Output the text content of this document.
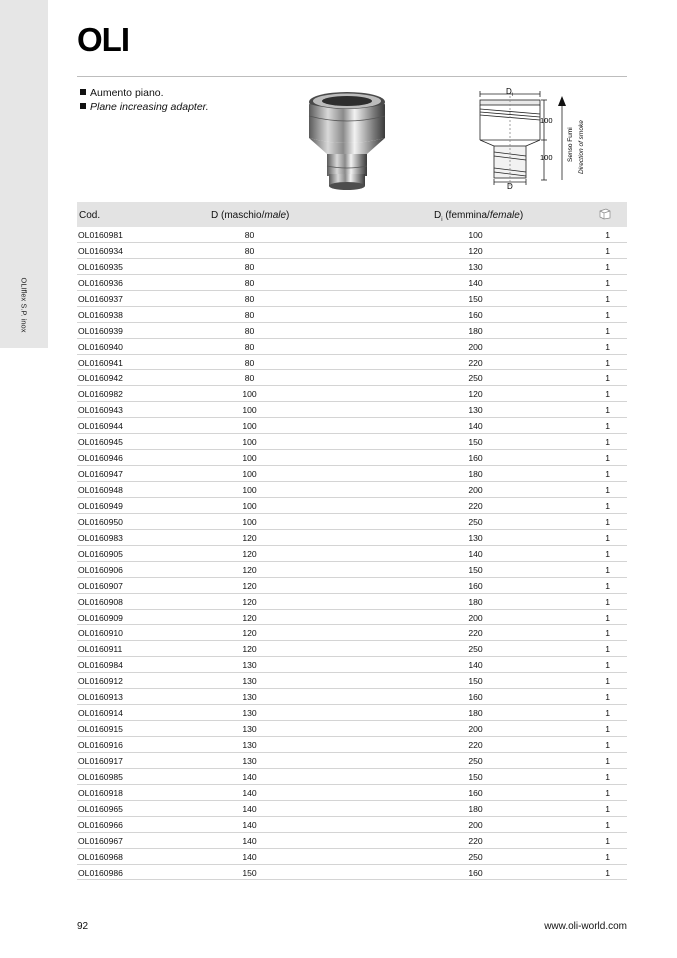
OLIflex S.P. inox
OLI
Aumento piano.
Plane increasing adapter.
D i
D
100
100 Senso Fumi Direction of smoke
Cod.	D (maschio/male)	$D_i$ (femmina/female)
OL0160981	80	100	1
OL0160934	80	120	1
OL0160935	80	130	1
OL0160936	80	140	1
OL0160937	80	150	1
OL0160938	80	160	1
OL0160939	80	180	1
OL0160940	80	200	1
OL0160941	80	220	1
OL0160942	80	250	1
OL0160982	100	120	1
OL0160943	100	130	1
OL0160944	100	140	1
OL0160945	100	150	1
OL0160946	100	160	1
OL0160947	100	180	1
OL0160948	100	200	1
OL0160949	100	220	1
OL0160950	100	250	1
OL0160983	120	130	1
OL0160905	120	140	1
OL0160906	120	150	1
OL0160907	120	160	1
OL0160908	120	180	1
OL0160909	120	200	1
OL0160910	120	220	1
OL0160911	120	250	1
OL0160984	130	140	1
OL0160912	130	150	1
OL0160913	130	160	1
OL0160914	130	180	1
OL0160915	130	200	1
OL0160916	130	220	1
OL0160917	130	250	1
OL0160985	140	150	1
OL0160918	140	160	1
OL0160965	140	180	1
OL0160966	140	200	1
OL0160967	140	220	1
OL0160968	140	250	1
OL0160986	150	160	1
92	www.oli-world.com
